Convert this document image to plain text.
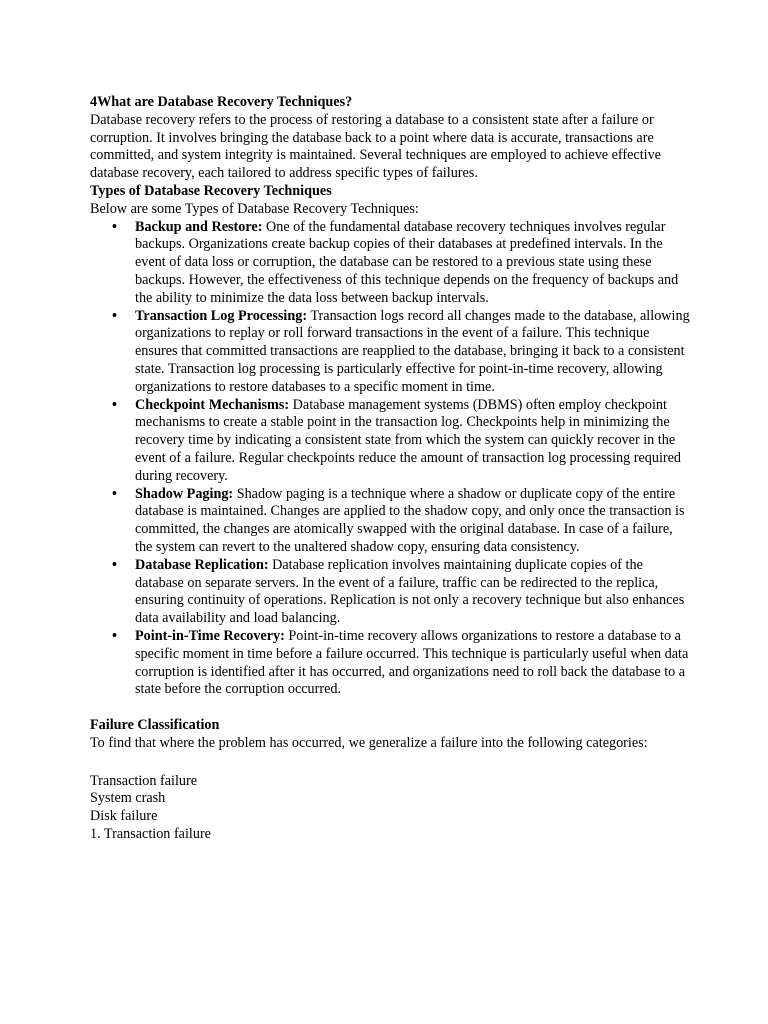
4What are Database Recovery Techniques?

Database recovery refers to the process of restoring a database to a consistent state after a failure or corruption. It involves bringing the database back to a point where data is accurate, transactions are committed, and system integrity is maintained. Several techniques are employed to achieve effective database recovery, each tailored to address specific types of failures.

Types of Database Recovery Techniques

Below are some Types of Database Recovery Techniques:

• Backup and Restore: One of the fundamental database recovery techniques involves regular backups. Organizations create backup copies of their databases at predefined intervals. In the event of data loss or corruption, the database can be restored to a previous state using these backups. However, the effectiveness of this technique depends on the frequency of backups and the ability to minimize the data loss between backup intervals.
• Transaction Log Processing: Transaction logs record all changes made to the database, allowing organizations to replay or roll forward transactions in the event of a failure. This technique ensures that committed transactions are reapplied to the database, bringing it back to a consistent state. Transaction log processing is particularly effective for point-in-time recovery, allowing organizations to restore databases to a specific moment in time.
• Checkpoint Mechanisms: Database management systems (DBMS) often employ checkpoint mechanisms to create a stable point in the transaction log. Checkpoints help in minimizing the recovery time by indicating a consistent state from which the system can quickly recover in the event of a failure. Regular checkpoints reduce the amount of transaction log processing required during recovery.
• Shadow Paging: Shadow paging is a technique where a shadow or duplicate copy of the entire database is maintained. Changes are applied to the shadow copy, and only once the transaction is committed, the changes are atomically swapped with the original database. In case of a failure, the system can revert to the unaltered shadow copy, ensuring data consistency.
• Database Replication: Database replication involves maintaining duplicate copies of the database on separate servers. In the event of a failure, traffic can be redirected to the replica, ensuring continuity of operations. Replication is not only a recovery technique but also enhances data availability and load balancing.
• Point-in-Time Recovery: Point-in-time recovery allows organizations to restore a database to a specific moment in time before a failure occurred. This technique is particularly useful when data corruption is identified after it has occurred, and organizations need to roll back the database to a state before the corruption occurred.

Failure Classification

To find that where the problem has occurred, we generalize a failure into the following categories:

Transaction failure

System crash

Disk failure

1. Transaction failure
